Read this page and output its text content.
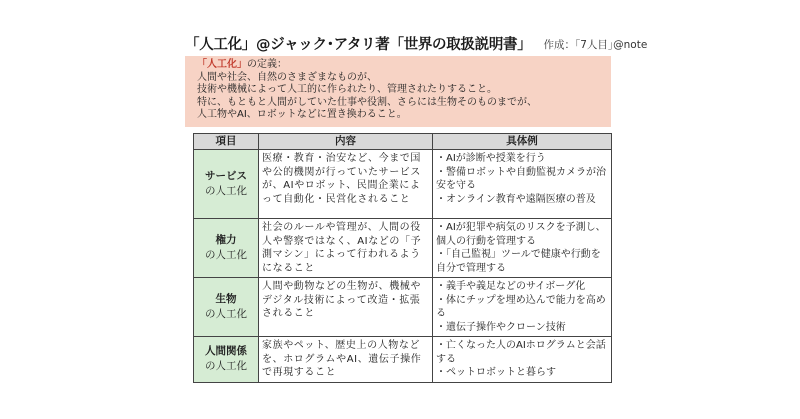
「人工化」@ジャック･アタリ著「世界の取扱説明書」 作成：｢7人目｣@note
「人工化」の定義：
人間や社会、自然のさまざまなものが、
技術や機械によって人工的に作られたり、管理されたりすること。
特に、もともと人間がしていた仕事や役割、さらには生物そのものまでが、
人工物やAI、ロボットなどに置き換わること。
項目	内容	具体例

サービス
の人工化	医療・教育・治安など、今まで国や公的機関が行っていたサービスが、AIやロボット、民間企業によって自動化・民営化されること	・AIが診断や授業を行う
・警備ロボットや自動監視カメラが治安を守る
・オンライン教育や遠隔医療の普及

権力
の人工化	社会のルールや管理が、人間の役人や警察ではなく、AIなどの「予測マシン」によって行われるようになること	・AIが犯罪や病気のリスクを予測し、個人の行動を管理する
・「自己監視」ツールで健康や行動を自分で管理する

生物
の人工化	人間や動物などの生物が、機械やデジタル技術によって改造・拡張されること	・義手や義足などのサイボーグ化
・体にチップを埋め込んで能力を高める
・遺伝子操作やクローン技術

人間関係
の人工化	家族やペット、歴史上の人物などを、ホログラムやAI、遺伝子操作で再現すること	・亡くなった人のAIホログラムと会話する
・ペットロボットと暮らす
